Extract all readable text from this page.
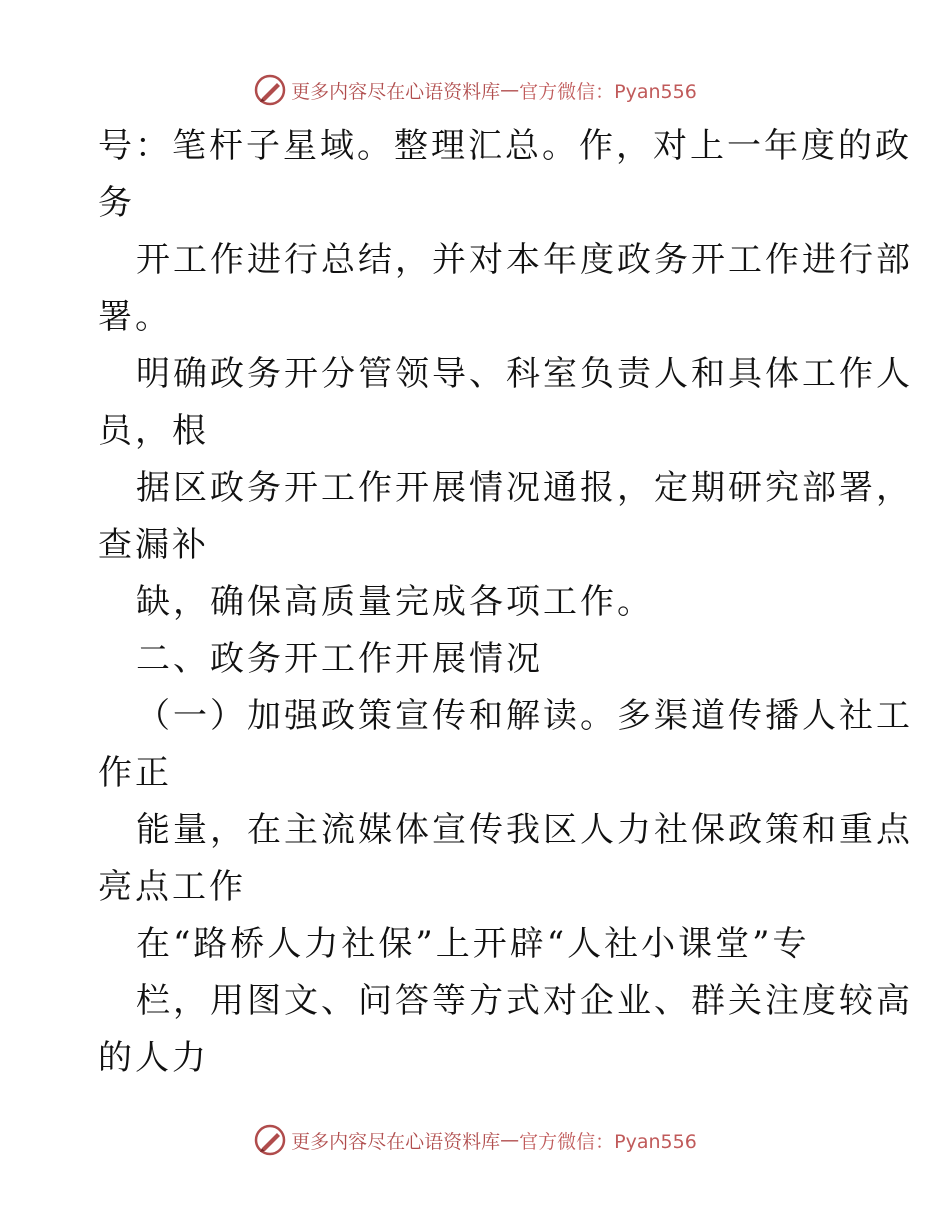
更多内容尽在心语资料库 — 官方微信：Pyan556
号：笔杆子星域。整理汇总。作，对上一年度的政
务
开工作进行总结，并对本年度政务开工作进行部
署。
明确政务开分管领导、科室负责人和具体工作人
员，根
据区政务开工作开展情况通报，定期研究部署，
查漏补
缺，确保高质量完成各项工作。
二、政务开工作开展情况
（一）加强政策宣传和解读。多渠道传播人社工
作正
能量，在主流媒体宣传我区人力社保政策和重点
亮点工作
在“路桥人力社保”上开辟“人社小课堂”专
栏，用图文、问答等方式对企业、群关注度较高
的人力
更多内容尽在心语资料库 — 官方微信：Pyan556
